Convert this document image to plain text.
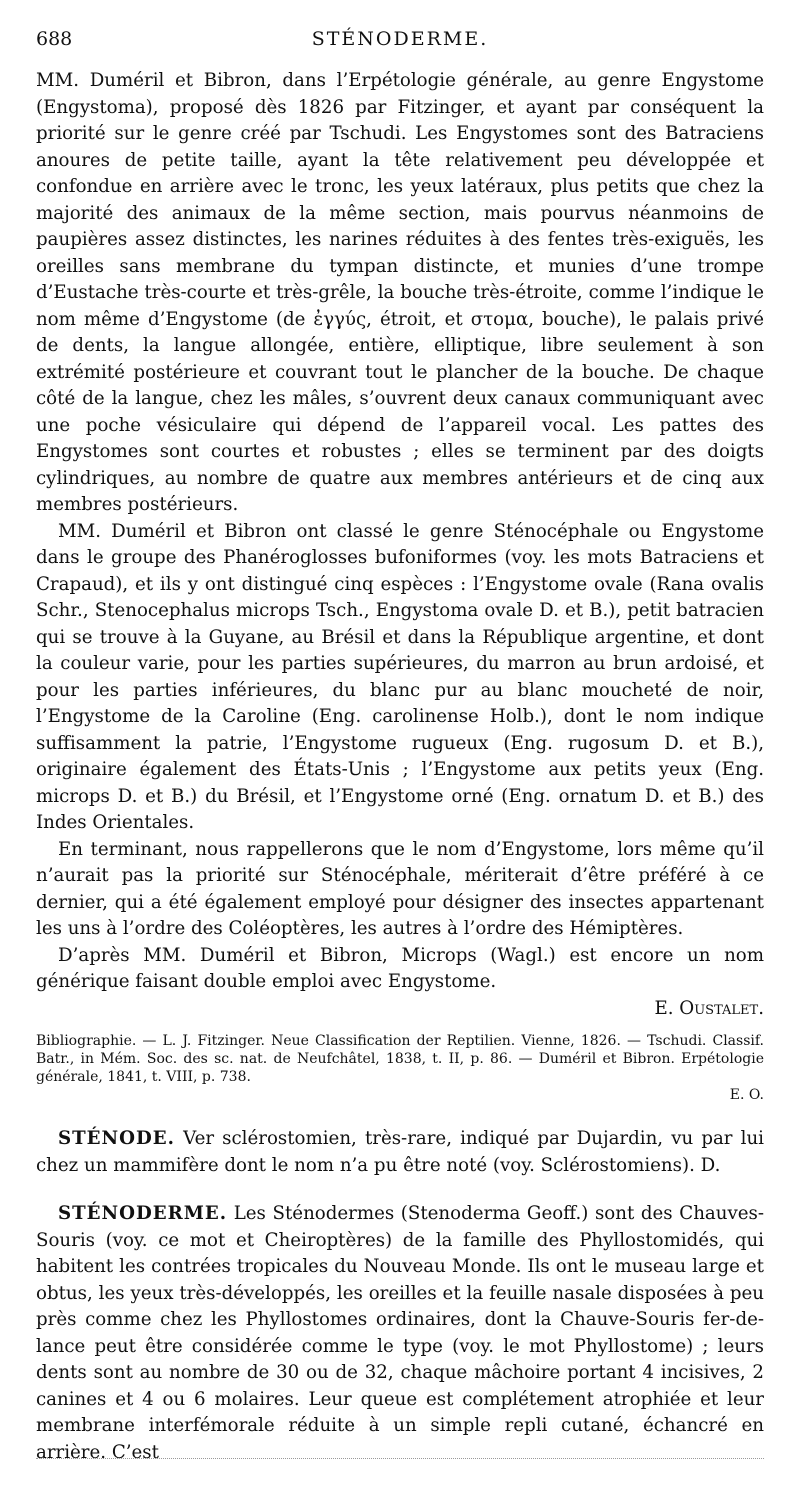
688	STÉNODERME.

MM. Duméril et Bibron, dans l’Erpétologie générale, au genre Engystome (Engystoma), proposé dès 1826 par Fitzinger, et ayant par conséquent la priorité sur le genre créé par Tschudi. Les Engystomes sont des Batraciens anoures de petite taille, ayant la tête relativement peu développée et confondue en arrière avec le tronc, les yeux latéraux, plus petits que chez la majorité des animaux de la même section, mais pourvus néanmoins de paupières assez distinctes, les narines réduites à des fentes très-exiguës, les oreilles sans membrane du tympan distincte, et munies d’une trompe d’Eustache très-courte et très-grêle, la bouche très-étroite, comme l’indique le nom même d’Engystome (de ἐγγύς, étroit, et στομα, bouche), le palais privé de dents, la langue allongée, entière, elliptique, libre seulement à son extrémité postérieure et couvrant tout le plancher de la bouche. De chaque côté de la langue, chez les mâles, s’ouvrent deux canaux communiquant avec une poche vésiculaire qui dépend de l’appareil vocal. Les pattes des Engystomes sont courtes et robustes ; elles se terminent par des doigts cylindriques, au nombre de quatre aux membres antérieurs et de cinq aux membres postérieurs.

MM. Duméril et Bibron ont classé le genre Sténocéphale ou Engystome dans le groupe des Phanéroglosses bufoniformes (voy. les mots Batraciens et Crapaud), et ils y ont distingué cinq espèces : l’Engystome ovale (Rana ovalis Schr., Stenocephalus microps Tsch., Engystoma ovale D. et B.), petit batracien qui se trouve à la Guyane, au Brésil et dans la République argentine, et dont la couleur varie, pour les parties supérieures, du marron au brun ardoisé, et pour les parties inférieures, du blanc pur au blanc moucheté de noir, l’Engystome de la Caroline (Eng. carolinense Holb.), dont le nom indique suffisamment la patrie, l’Engystome rugueux (Eng. rugosum D. et B.), originaire également des États-Unis ; l’Engystome aux petits yeux (Eng. microps D. et B.) du Brésil, et l’Engystome orné (Eng. ornatum D. et B.) des Indes Orientales.

En terminant, nous rappellerons que le nom d’Engystome, lors même qu’il n’aurait pas la priorité sur Sténocéphale, mériterait d’être préféré à ce dernier, qui a été également employé pour désigner des insectes appartenant les uns à l’ordre des Coléoptères, les autres à l’ordre des Hémiptères.

D’après MM. Duméril et Bibron, Microps (Wagl.) est encore un nom générique faisant double emploi avec Engystome.

E. Oustalet.

Bibliographie. — L. J. Fitzinger. Neue Classification der Reptilien. Vienne, 1826. — Tschudi. Classif. Batr., in Mém. Soc. des sc. nat. de Neufchâtel, 1838, t. II, p. 86. — Duméril et Bibron. Erpétologie générale, 1841, t. VIII, p. 738.

E. O.

STÉNODE. Ver sclérostomien, très-rare, indiqué par Dujardin, vu par lui chez un mammifère dont le nom n’a pu être noté (voy. Sclérostomiens). D.

STÉNODERME. Les Sténodermes (Stenoderma Geoff.) sont des Chauves-Souris (voy. ce mot et Cheiroptères) de la famille des Phyllostomidés, qui habitent les contrées tropicales du Nouveau Monde. Ils ont le museau large et obtus, les yeux très-développés, les oreilles et la feuille nasale disposées à peu près comme chez les Phyllostomes ordinaires, dont la Chauve-Souris fer-de-lance peut être considérée comme le type (voy. le mot Phyllostome) ; leurs dents sont au nombre de 30 ou de 32, chaque mâchoire portant 4 incisives, 2 canines et 4 ou 6 molaires. Leur queue est complétement atrophiée et leur membrane interfémorale réduite à un simple repli cutané, échancré en arrière. C’est
